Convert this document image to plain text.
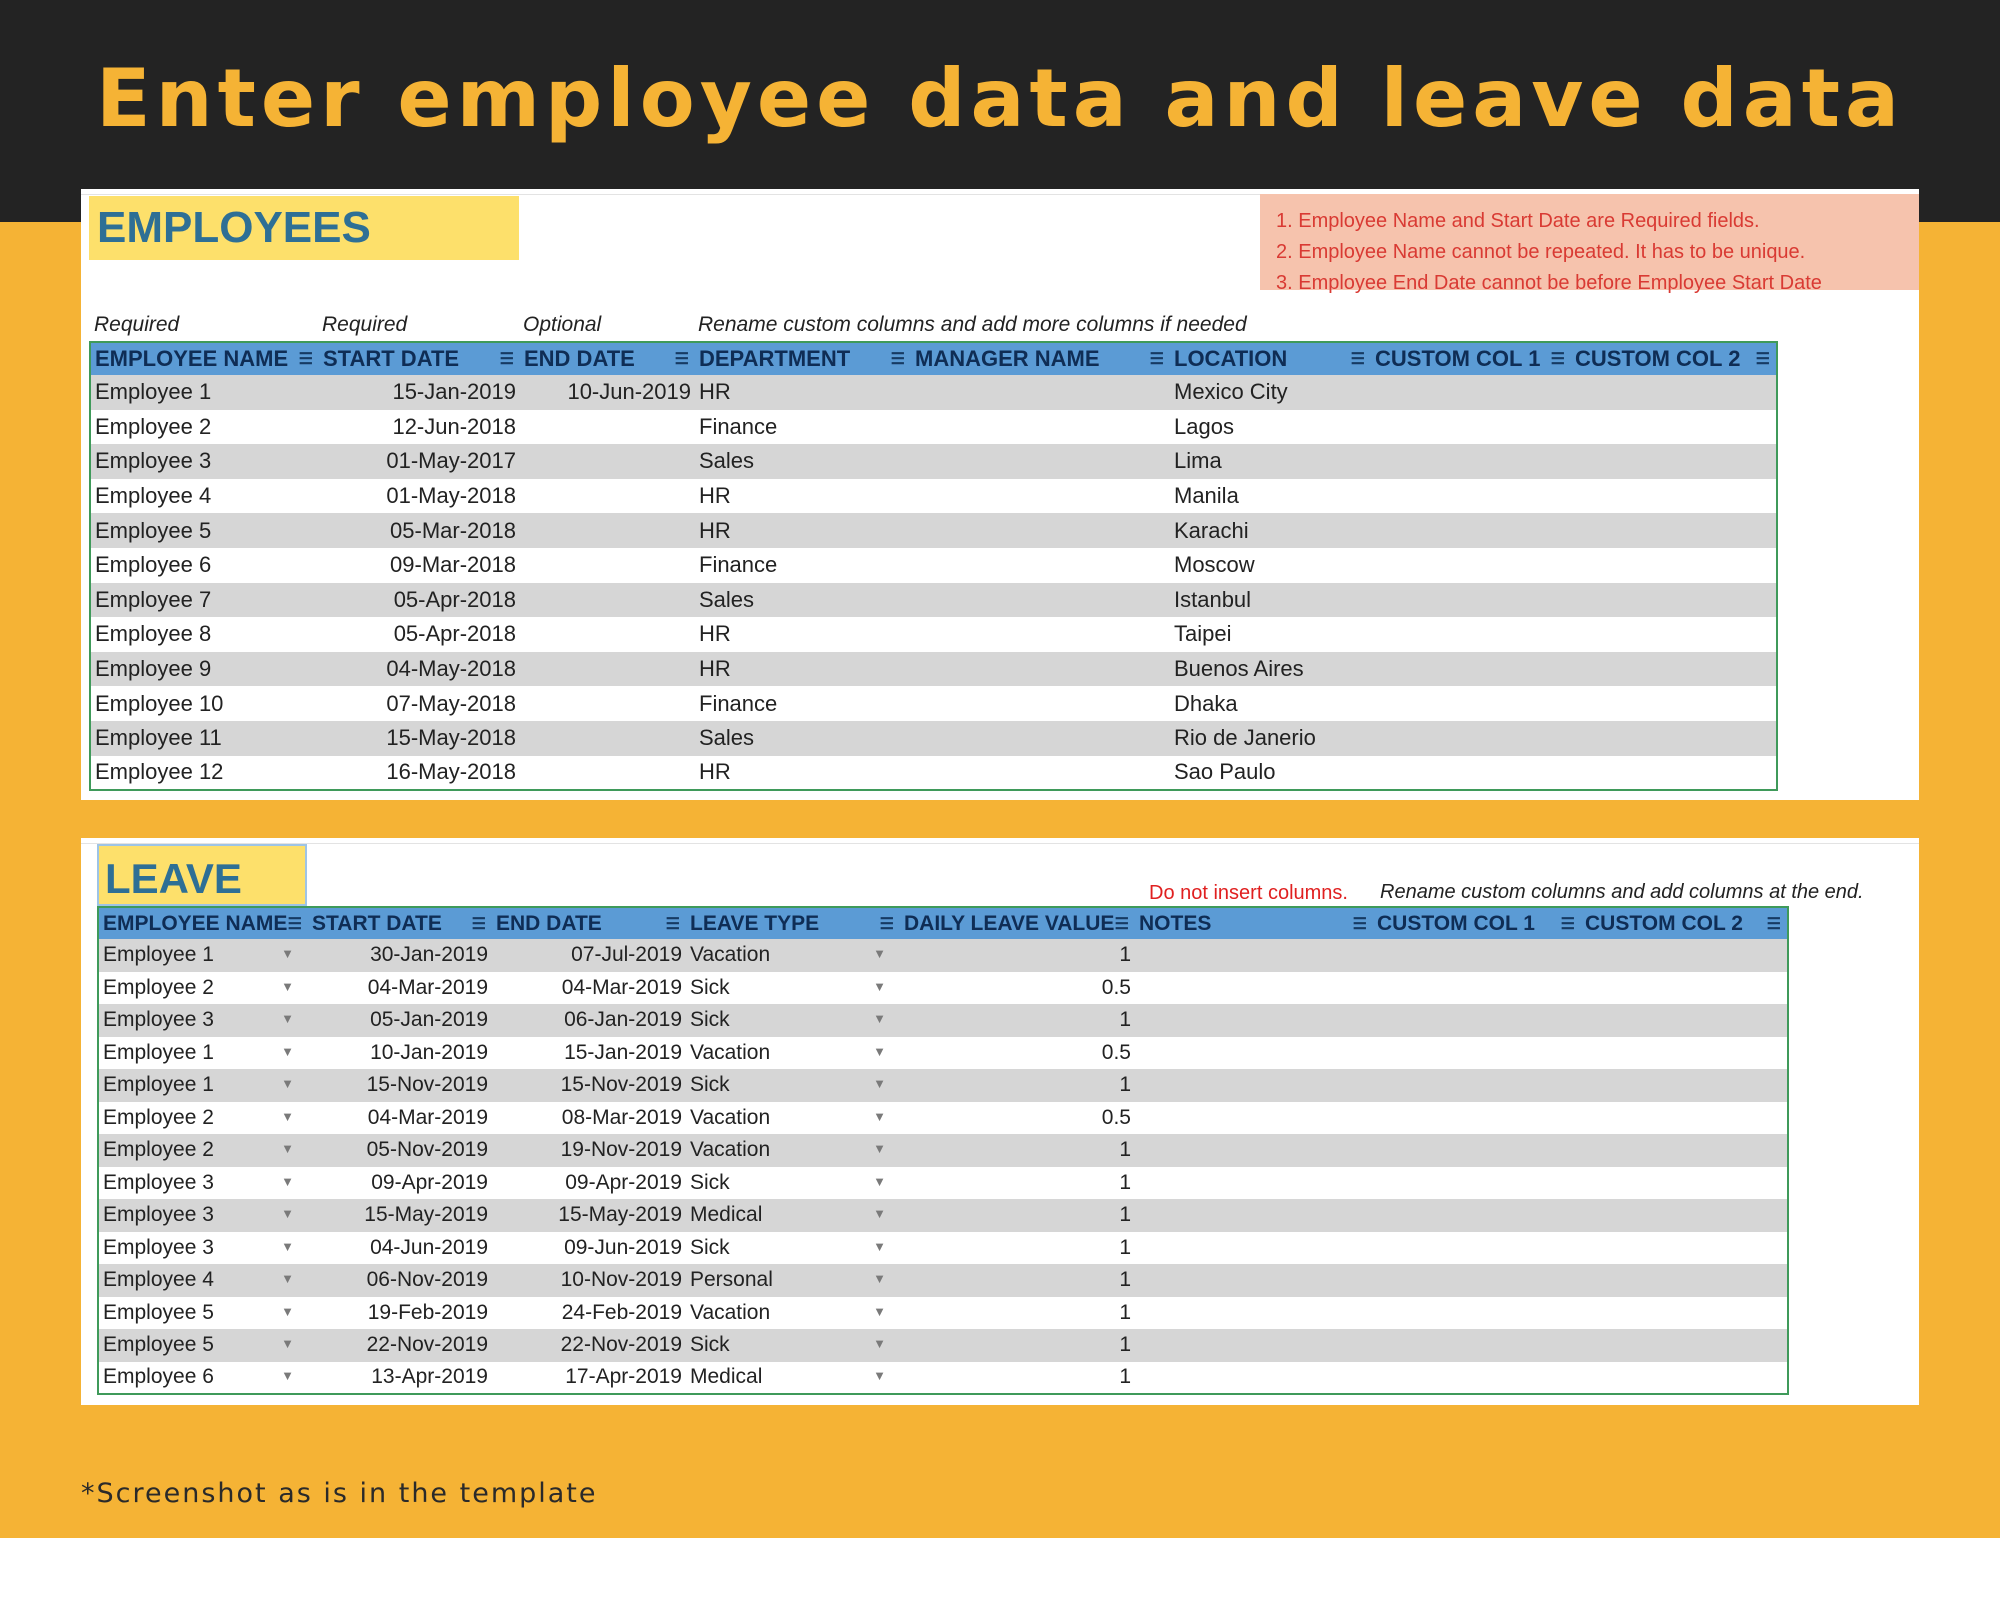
Enter employee data and leave data
EMPLOYEES	1. Employee Name and Start Date are Required fields.
2. Employee Name cannot be repeated. It has to be unique.
3. Employee End Date cannot be before Employee Start Date
Required	Required	Optional	Rename custom columns and add more columns if needed
EMPLOYEE NAME ☰	START DATE ☰	END DATE ☰	DEPARTMENT ☰	MANAGER NAME ☰	LOCATION ☰	CUSTOM COL 1 ☰	CUSTOM COL 2 ☰

Employee 1	15-Jan-2019	10-Jun-2019	HR		Mexico City		
Employee 2	12-Jun-2018		Finance		Lagos		
Employee 3	01-May-2017		Sales		Lima		
Employee 4	01-May-2018		HR		Manila		
Employee 5	05-Mar-2018		HR		Karachi		
Employee 6	09-Mar-2018		Finance		Moscow		
Employee 7	05-Apr-2018		Sales		Istanbul		
Employee 8	05-Apr-2018		HR		Taipei		
Employee 9	04-May-2018		HR		Buenos Aires		
Employee 10	07-May-2018		Finance		Dhaka		
Employee 11	15-May-2018		Sales		Rio de Janerio		
Employee 12	16-May-2018		HR		Sao Paulo		
LEAVE	Do not insert columns. Rename custom columns and add columns at the end.
EMPLOYEE NAME ☰	START DATE ☰	END DATE ☰	LEAVE TYPE ☰	DAILY LEAVE VALUE ☰	NOTES ☰	CUSTOM COL 1 ☰	CUSTOM COL 2 ☰

Employee 1 ▼	30-Jan-2019	07-Jul-2019	Vacation ▼	1			
Employee 2 ▼	04-Mar-2019	04-Mar-2019	Sick ▼	0.5			
Employee 3 ▼	05-Jan-2019	06-Jan-2019	Sick ▼	1			
Employee 1 ▼	10-Jan-2019	15-Jan-2019	Vacation ▼	0.5			
Employee 1 ▼	15-Nov-2019	15-Nov-2019	Sick ▼	1			
Employee 2 ▼	04-Mar-2019	08-Mar-2019	Vacation ▼	0.5			
Employee 2 ▼	05-Nov-2019	19-Nov-2019	Vacation ▼	1			
Employee 3 ▼	09-Apr-2019	09-Apr-2019	Sick ▼	1			
Employee 3 ▼	15-May-2019	15-May-2019	Medical ▼	1			
Employee 3 ▼	04-Jun-2019	09-Jun-2019	Sick ▼	1			
Employee 4 ▼	06-Nov-2019	10-Nov-2019	Personal ▼	1			
Employee 5 ▼	19-Feb-2019	24-Feb-2019	Vacation ▼	1			
Employee 5 ▼	22-Nov-2019	22-Nov-2019	Sick ▼	1			
Employee 6 ▼	13-Apr-2019	17-Apr-2019	Medical ▼	1			
*Screenshot as is in the template
